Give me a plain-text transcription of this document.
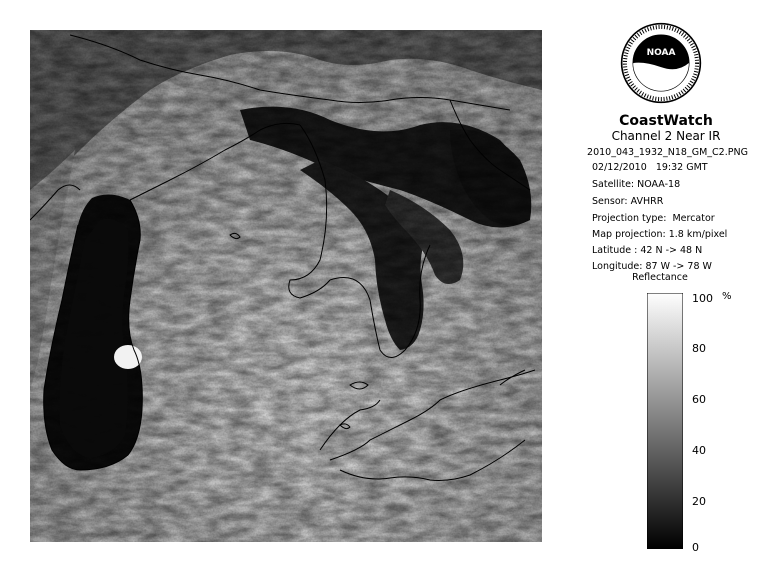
NOAA
CoastWatch
Channel 2 Near IR
2010_043_1932_N18_GM_C2.PNG
02/12/2010   19:32 GMT
Satellite: NOAA-18
Sensor: AVHRR
Projection type:  Mercator
Map projection: 1.8 km/pixel
Latitude : 42 N -> 48 N
Longitude: 87 W -> 78 W
Reflectance
100
80
60
40
20
0
%
